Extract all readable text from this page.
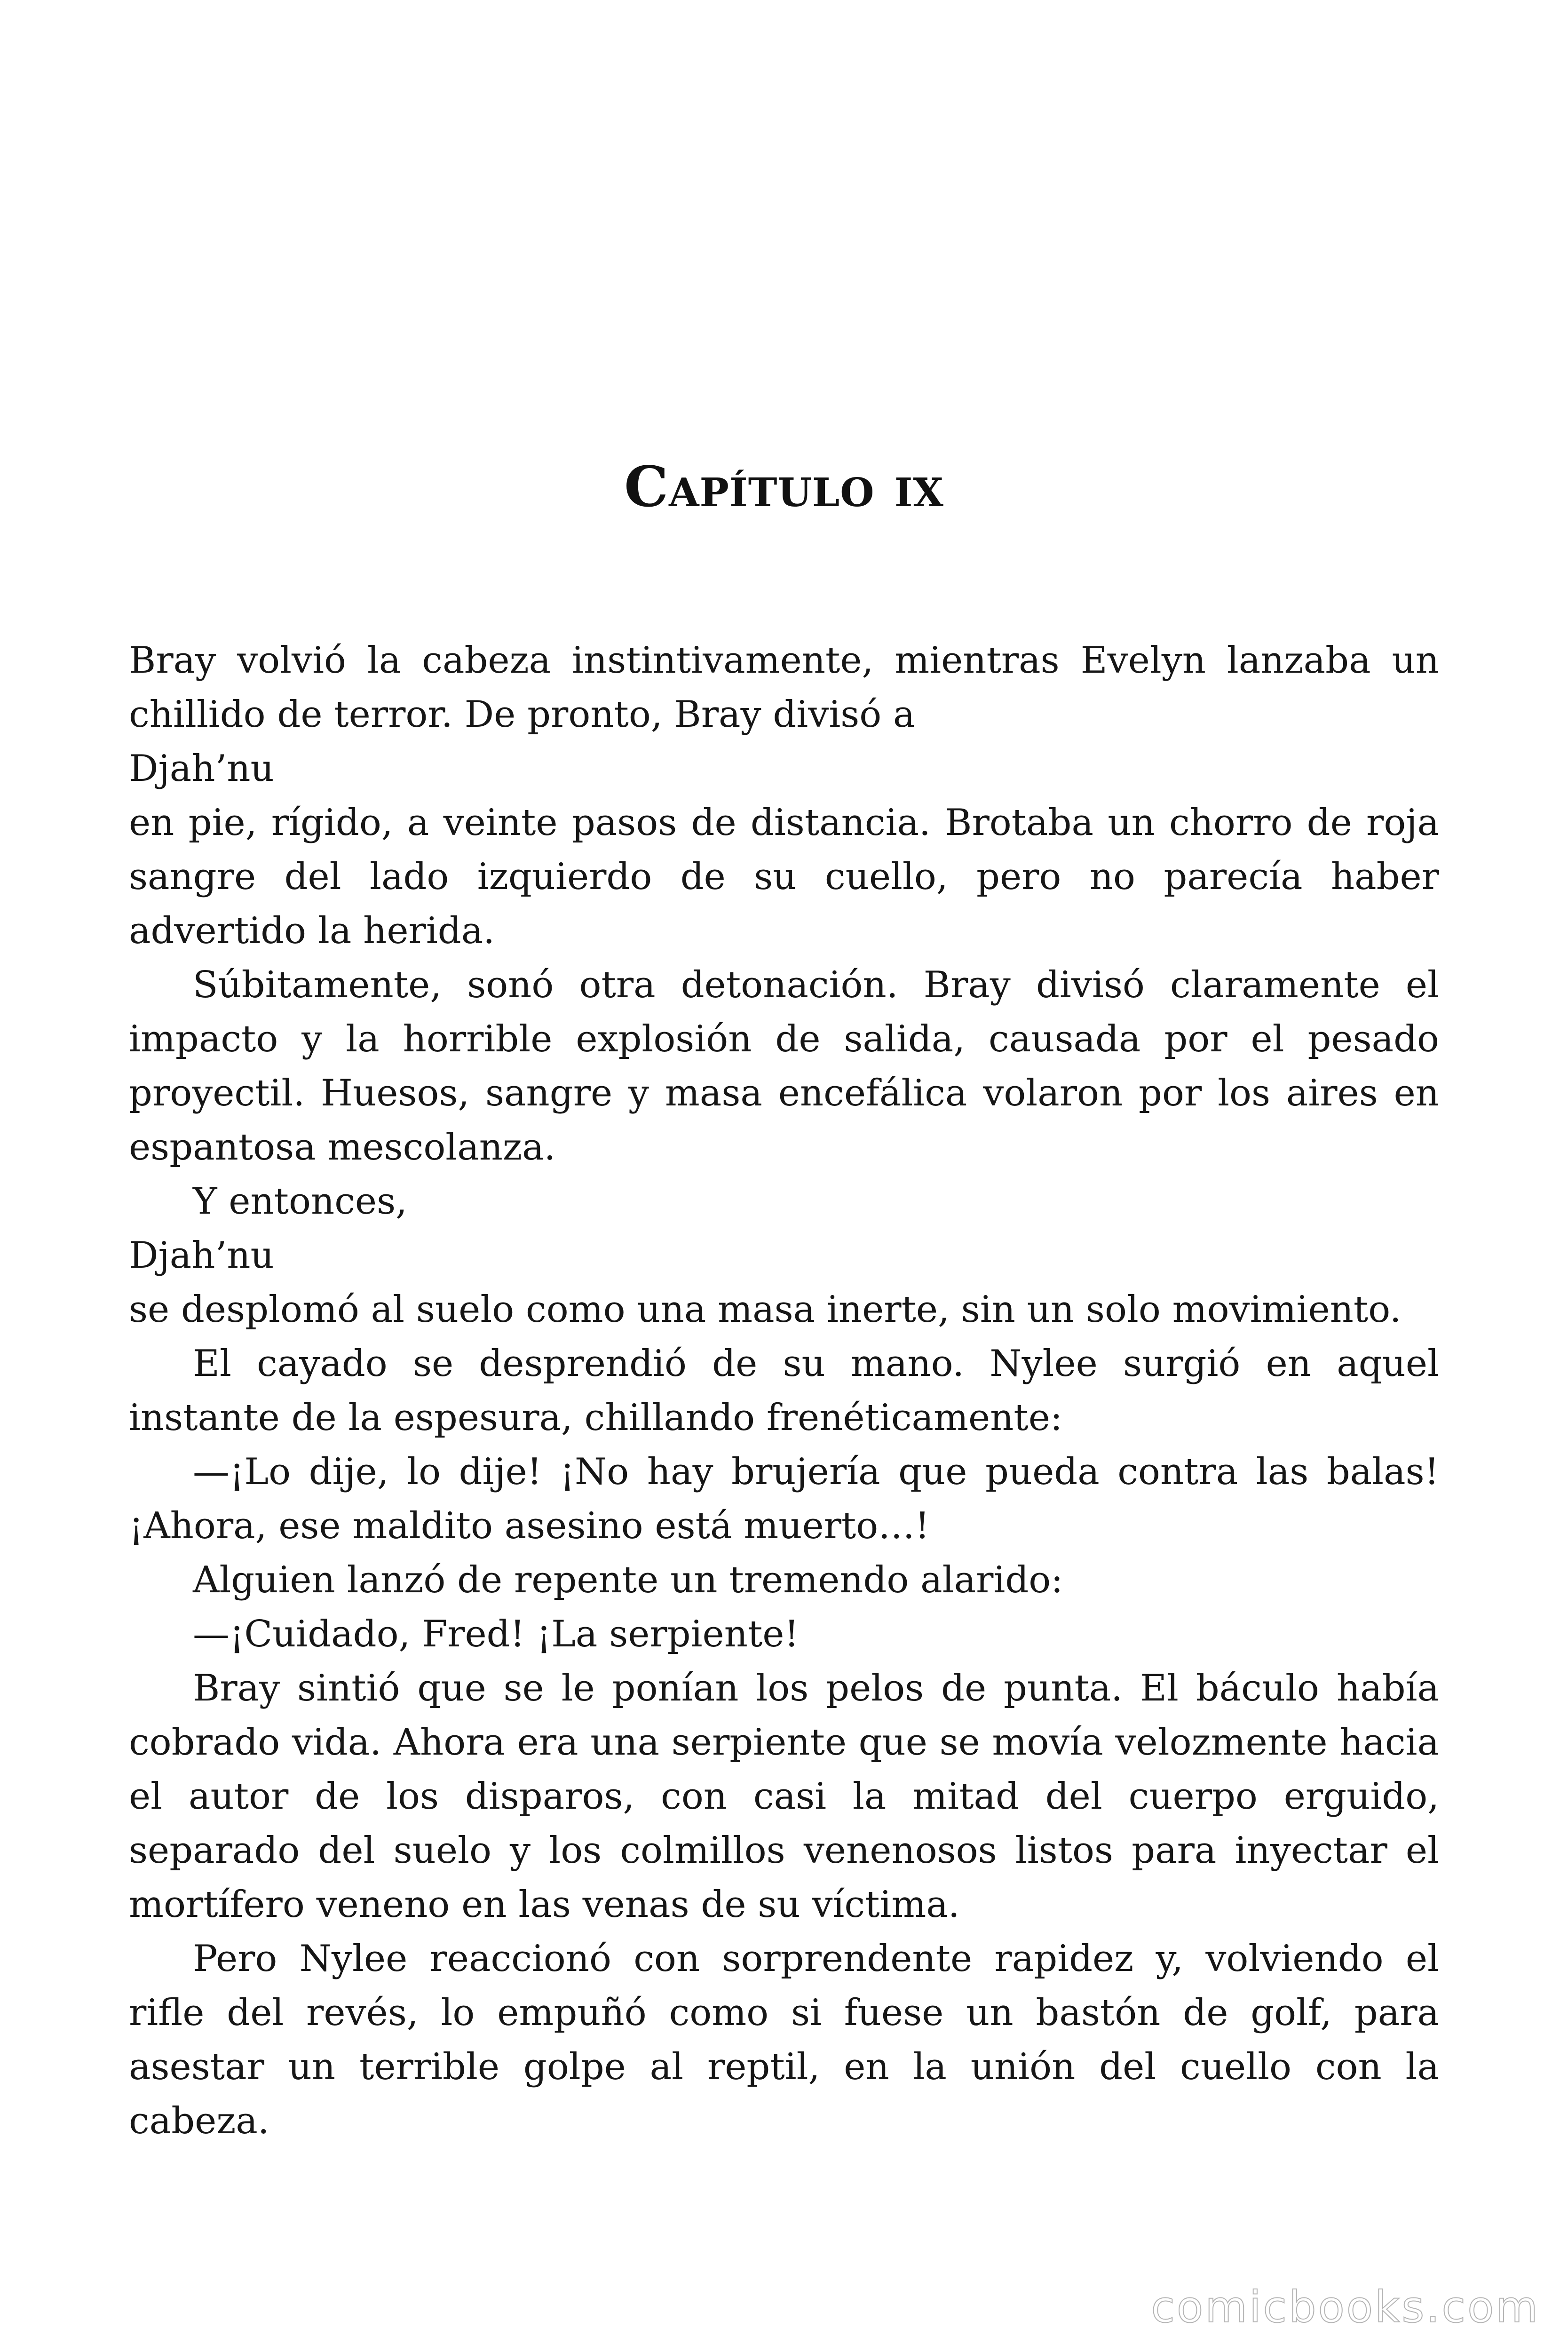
Capítulo ix

Bray volvió la cabeza instintivamente, mientras Evelyn lanzaba un chillido de terror. De pronto, Bray divisó a

Djah’nu

en pie, rígido, a veinte pasos de distancia. Brotaba un chorro de roja sangre del lado izquierdo de su cuello, pero no parecía haber advertido la herida.

Súbitamente, sonó otra detonación. Bray divisó claramente el impacto y la horrible explosión de salida, causada por el pesado proyectil. Huesos, sangre y masa encefálica volaron por los aires en espantosa mescolanza.

Y entonces,

Djah’nu

se desplomó al suelo como una masa inerte, sin un solo movimiento.

El cayado se desprendió de su mano. Nylee surgió en aquel instante de la espesura, chillando frenéticamente:

—¡Lo dije, lo dije! ¡No hay brujería que pueda contra las balas! ¡Ahora, ese maldito asesino está muerto…!

Alguien lanzó de repente un tremendo alarido:

—¡Cuidado, Fred! ¡La serpiente!

Bray sintió que se le ponían los pelos de punta. El báculo había cobrado vida. Ahora era una serpiente que se movía velozmente hacia el autor de los disparos, con casi la mitad del cuerpo erguido, separado del suelo y los colmillos venenosos listos para inyectar el mortífero veneno en las venas de su víctima.

Pero Nylee reaccionó con sorprendente rapidez y, volviendo el rifle del revés, lo empuñó como si fuese un bastón de golf, para asestar un terrible golpe al reptil, en la unión del cuello con la cabeza.

comicbooks.com
